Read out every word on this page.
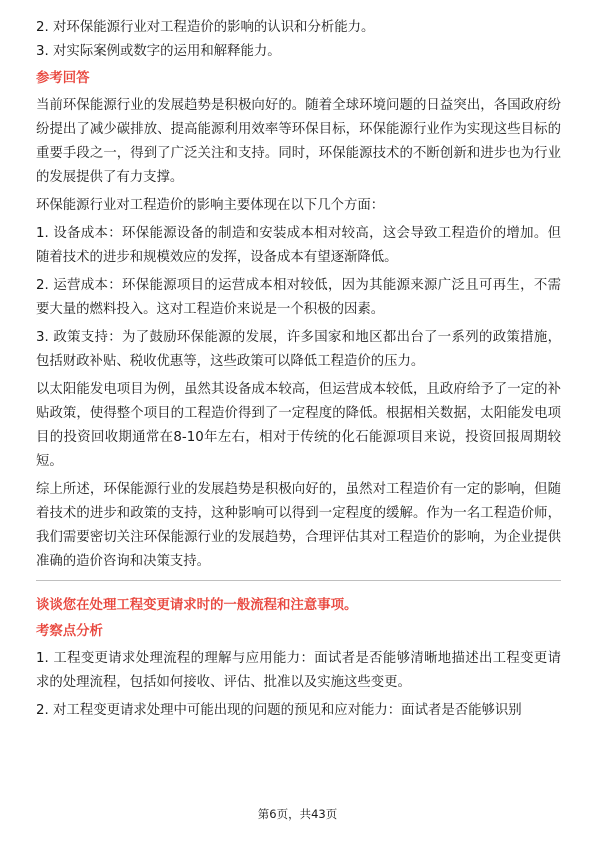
2. 对环保能源行业对工程造价的影响的认识和分析能力。

3. 对实际案例或数字的运用和解释能力。

参考回答

当前环保能源行业的发展趋势是积极向好的。随着全球环境问题的日益突出，各国政府纷纷提出了减少碳排放、提高能源利用效率等环保目标，环保能源行业作为实现这些目标的重要手段之一，得到了广泛关注和支持。同时，环保能源技术的不断创新和进步也为行业的发展提供了有力支撑。

环保能源行业对工程造价的影响主要体现在以下几个方面：

1. 设备成本：环保能源设备的制造和安装成本相对较高，这会导致工程造价的增加。但随着技术的进步和规模效应的发挥，设备成本有望逐渐降低。

2. 运营成本：环保能源项目的运营成本相对较低，因为其能源来源广泛且可再生，不需要大量的燃料投入。这对工程造价来说是一个积极的因素。

3. 政策支持：为了鼓励环保能源的发展，许多国家和地区都出台了一系列的政策措施，包括财政补贴、税收优惠等，这些政策可以降低工程造价的压力。

以太阳能发电项目为例，虽然其设备成本较高，但运营成本较低，且政府给予了一定的补贴政策，使得整个项目的工程造价得到了一定程度的降低。根据相关数据，太阳能发电项目的投资回收期通常在8-10年左右，相对于传统的化石能源项目来说，投资回报周期较短。

综上所述，环保能源行业的发展趋势是积极向好的，虽然对工程造价有一定的影响，但随着技术的进步和政策的支持，这种影响可以得到一定程度的缓解。作为一名工程造价师，我们需要密切关注环保能源行业的发展趋势，合理评估其对工程造价的影响，为企业提供准确的造价咨询和决策支持。

谈谈您在处理工程变更请求时的一般流程和注意事项。
考察点分析

1. 工程变更请求处理流程的理解与应用能力：面试者是否能够清晰地描述出工程变更请求的处理流程，包括如何接收、评估、批准以及实施这些变更。

2. 对工程变更请求处理中可能出现的问题的预见和应对能力：面试者是否能够识别

第6页，共43页
